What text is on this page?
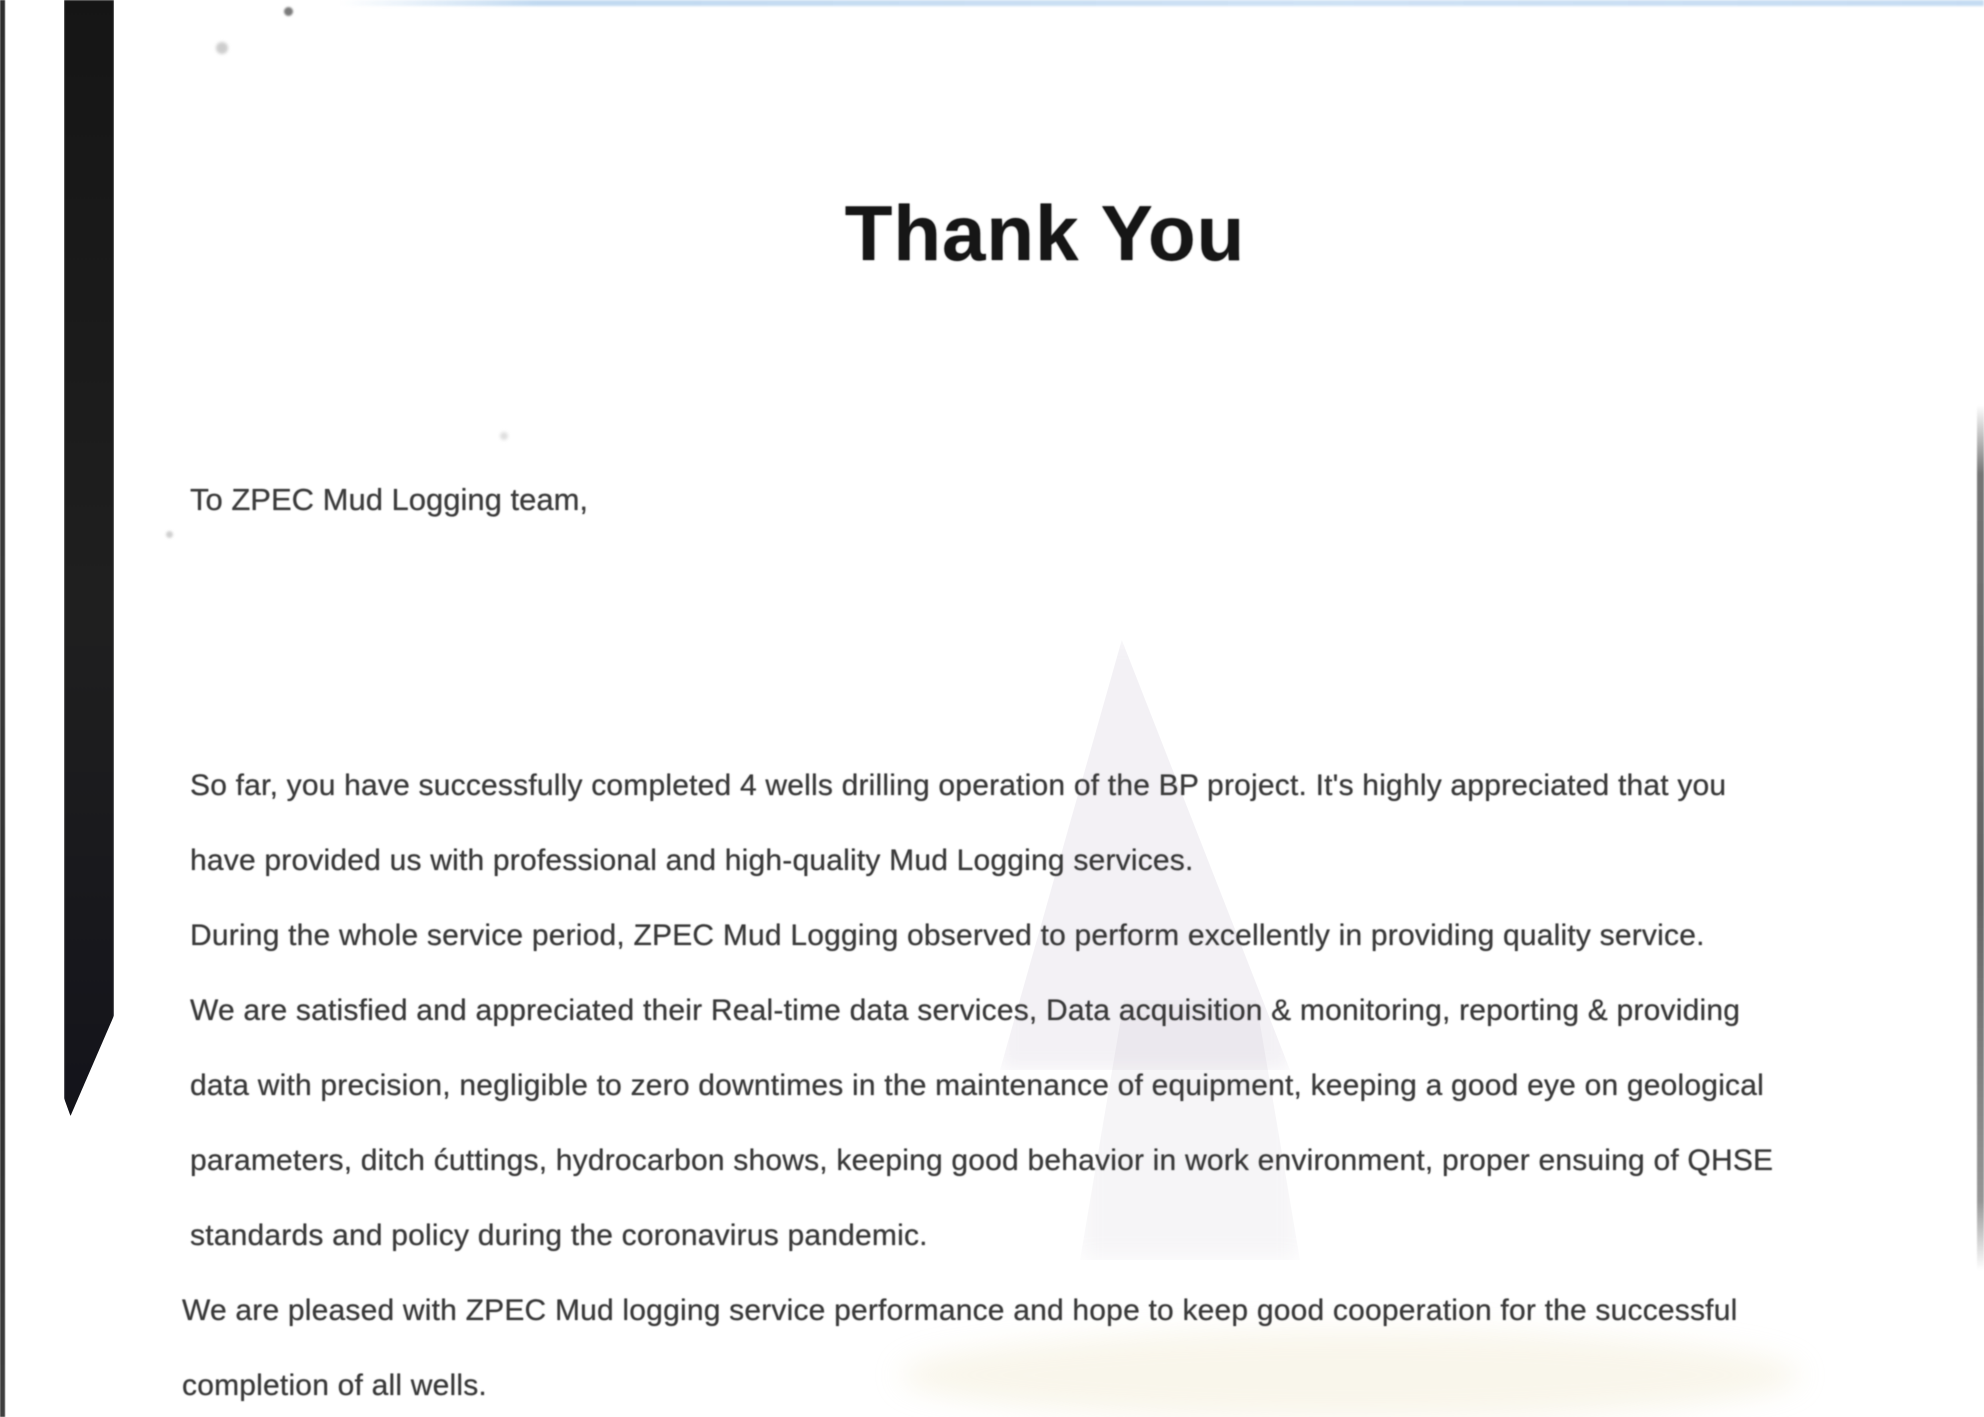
Thank You
To ZPEC Mud Logging team,
So far, you have successfully completed 4 wells drilling operation of the BP project. It's highly appreciated that you
have provided us with professional and high-quality Mud Logging services.
During the whole service period, ZPEC Mud Logging observed to perform excellently in providing quality service.
We are satisfied and appreciated their Real-time data services, Data acquisition & monitoring, reporting & providing
data with precision, negligible to zero downtimes in the maintenance of equipment, keeping a good eye on geological
parameters, ditch ćuttings, hydrocarbon shows, keeping good behavior in work environment, proper ensuing of QHSE
standards and policy during the coronavirus pandemic.
We are pleased with ZPEC Mud logging service performance and hope to keep good cooperation for the successful
completion of all wells.
